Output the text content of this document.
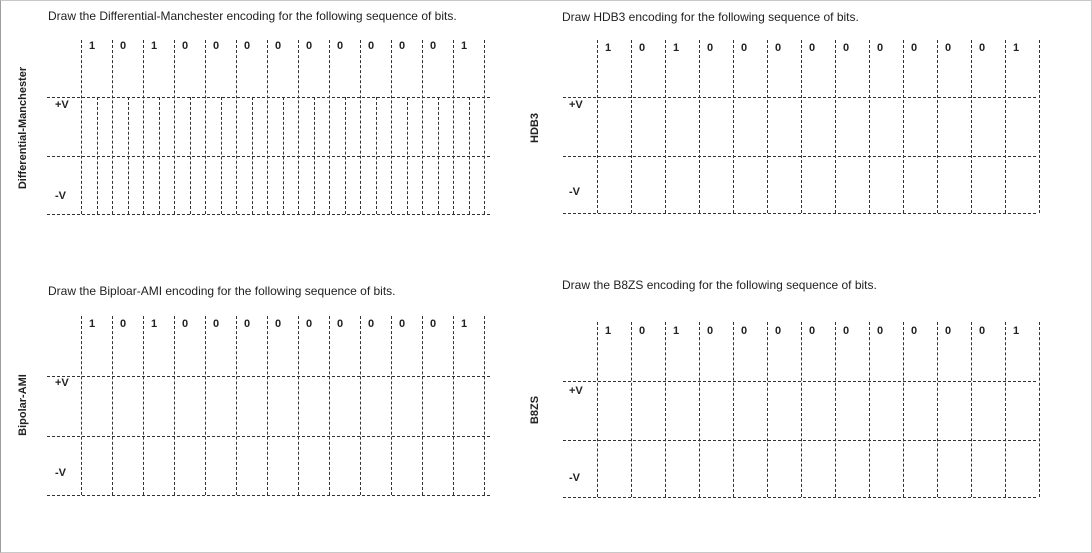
Draw the Differential-Manchester encoding for the following sequence of bits.
Differential-Manchester +V
-V
1 0 1 0 0 0 0 0 0 0 0 0 1
Draw HDB3 encoding for the following sequence of bits.
HDB3
+V
-V
1	0	1	0	0	0	0	0	0	0	0	0	1
Draw the Biploar-AMI encoding for the following sequence of bits.
Bipolar-AMI +V
-V
1 0 1 0 0 0 0 0 0 0 0 0 1
Draw the B8ZS encoding for the following sequence of bits.
B8ZS
+V
-V
1	0	1	0	0	0	0	0	0	0	0	0	1
